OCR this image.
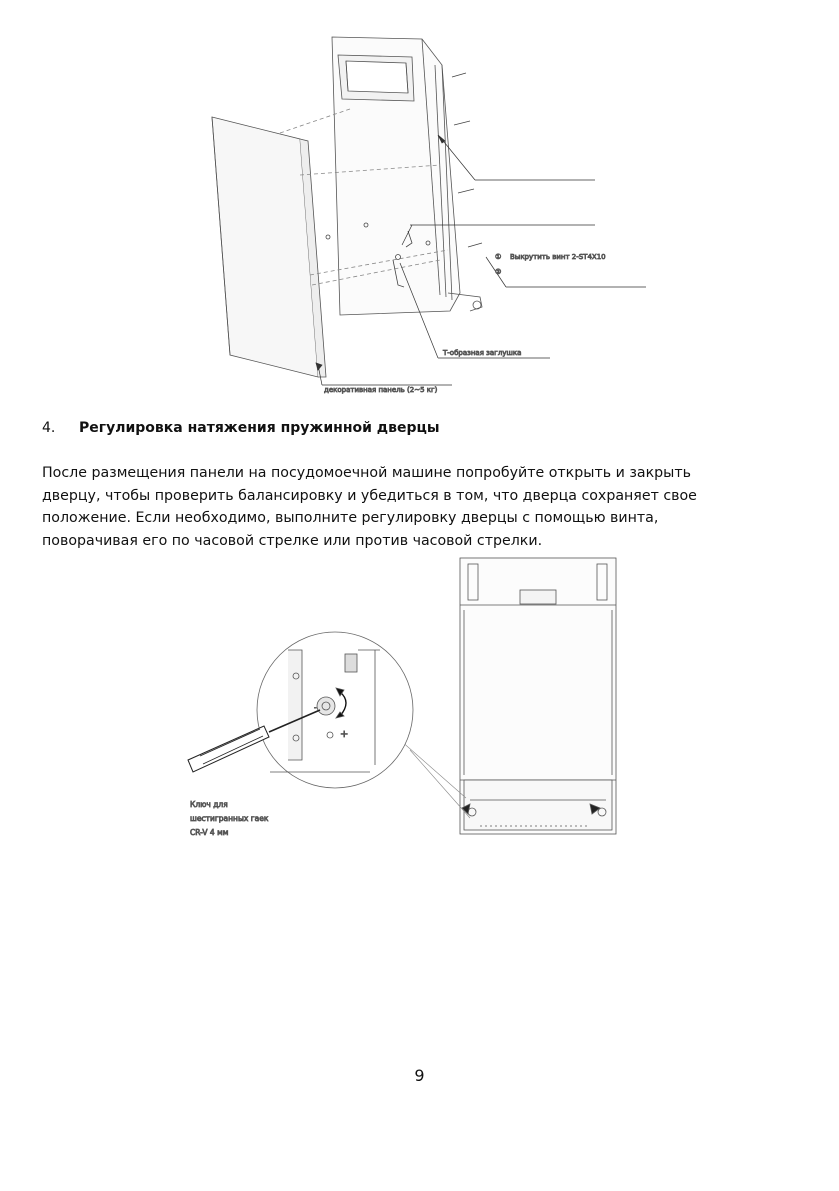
① Выкрутить винт 2-ST4X10
②
Т-образная заглушка
декоративная панель (2~5 кг)
4.	Регулировка натяжения пружинной дверцы

После размещения панели на посудомоечной машине попробуйте открыть и закрыть
дверцу, чтобы проверить балансировку и убедиться в том, что дверца сохраняет свое
положение. Если необходимо, выполните регулировку дверцы с помощью винта,
поворачивая его по часовой стрелке или против часовой стрелки.

-
+
Ключ для
шестигранных гаек
CR-V 4 мм
9
